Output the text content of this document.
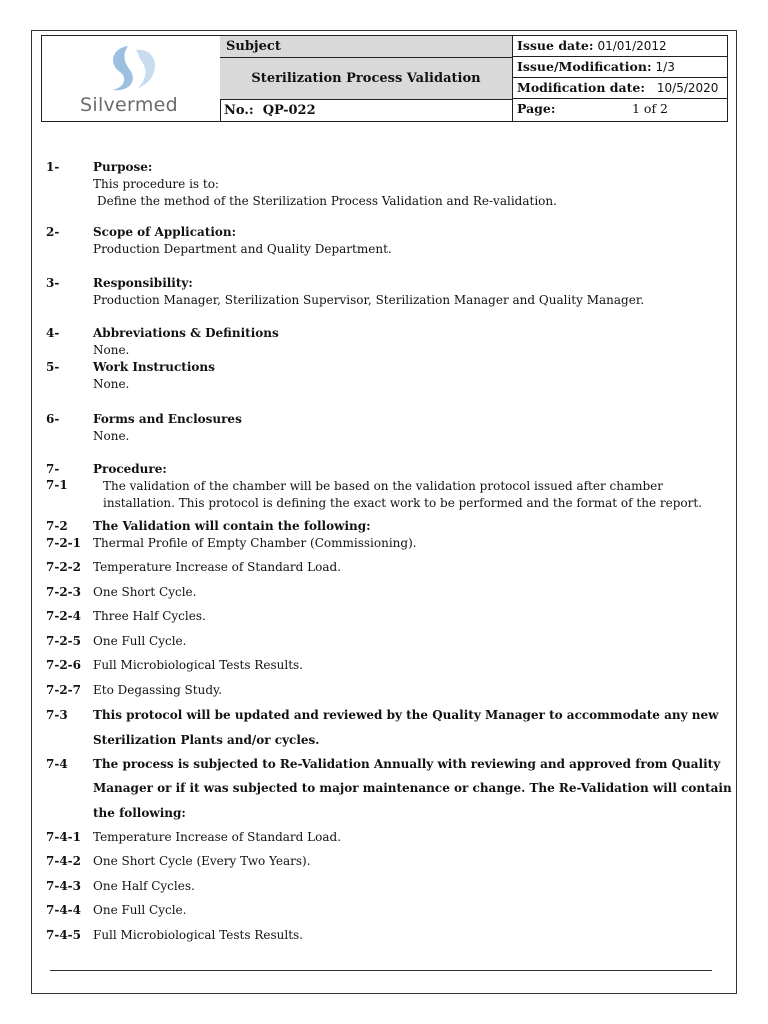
Silvermed
Subject
Sterilization Process Validation
No.: QP-022
Issue date: 01/01/2012
Issue/Modification: 1/3
Modification date: 10/5/2020
Page:	1 of 2
1-	Purpose:
This procedure is to:
Define the method of the Sterilization Process Validation and Re-validation.
2-	Scope of Application:
Production Department and Quality Department.
3-	Responsibility:
Production Manager, Sterilization Supervisor, Sterilization Manager and Quality Manager.
4-	Abbreviations & Definitions
None.
5-	Work Instructions
None.
6-	Forms and Enclosures
None.
7-	Procedure:
7-1	The validation of the chamber will be based on the validation protocol issued after chamber
installation. This protocol is defining the exact work to be performed and the format of the report.
7-2 The Validation will contain the following:
7-2-1 Thermal Profile of Empty Chamber (Commissioning).
7-2-2 Temperature Increase of Standard Load.
7-2-3 One Short Cycle.
7-2-4 Three Half Cycles.
7-2-5 One Full Cycle.
7-2-6 Full Microbiological Tests Results.
7-2-7 Eto Degassing Study.
7-3 This protocol will be updated and reviewed by the Quality Manager to accommodate any new
Sterilization Plants and/or cycles.
7-4 The process is subjected to Re-Validation Annually with reviewing and approved from Quality
Manager or if it was subjected to major maintenance or change. The Re-Validation will contain
the following:
7-4-1 Temperature Increase of Standard Load.
7-4-2 One Short Cycle (Every Two Years).
7-4-3 One Half Cycles.
7-4-4 One Full Cycle.
7-4-5 Full Microbiological Tests Results.
